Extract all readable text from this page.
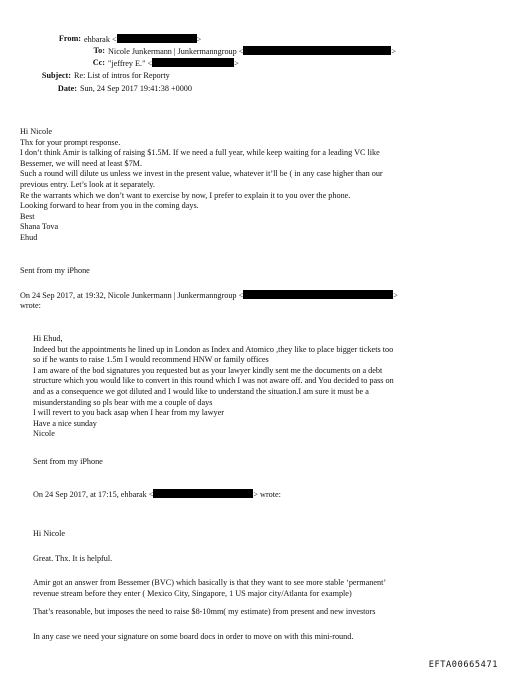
From: ehbarak <	>
To: Nicole Junkermann | Junkermanngroup <	>
Cc: "jeffrey E." <	>
Subject: Re: List of intros for Reporty
Date: Sun, 24 Sep 2017 19:41:38 +0000
Hi Nicole
Thx for your prompt response.
I don’t think Amir is talking of raising $1.5M. If we need a full year, while keep waiting for a leading VC like
Bessemer, we will need at least $7M.
Such a round will dilute us unless we invest in the present value, whatever it’ll be ( in any case higher than our
previous entry. Let’s look at it separately.
Re the warrants which we don’t want to exercise by now, I prefer to explain it to you over the phone.
Looking forward to hear from you in the coming days.
Best
Shana Tova
Ehud
Sent from my iPhone
On 24 Sep 2017, at 19:32, Nicole Junkermann | Junkermanngroup <	>
wrote:
Hi Ehud,
Indeed but the appointments he lined up in London as Index and Atomico ,they like to place bigger tickets too
so if he wants to raise 1.5m I would recommend HNW or family offices
I am aware of the bod signatures you requested but as your lawyer kindly sent me the documents on a debt
structure which you would like to convert in this round which I was not aware off. and You decided to pass on
and as a consequence we got diluted and I would like to understand the situation.I am sure it must be a
misunderstanding so pls bear with me a couple of days
I will revert to you back asap when I hear from my lawyer
Have a nice sunday
Nicole
Sent from my iPhone
On 24 Sep 2017, at 17:15, ehbarak <	> wrote:
Hi Nicole
Great. Thx. It is helpful.
Amir got an answer from Bessemer (BVC) which basically is that they want to see more stable ‘permanent’
revenue stream before they enter ( Mexico City, Singapore, 1 US major city/Atlanta for example)
That’s reasonable, but imposes the need to raise $8-10mm( my estimate) from present and new investors
In any case we need your signature on some board docs in order to move on with this mini-round.
EFTA00665471
